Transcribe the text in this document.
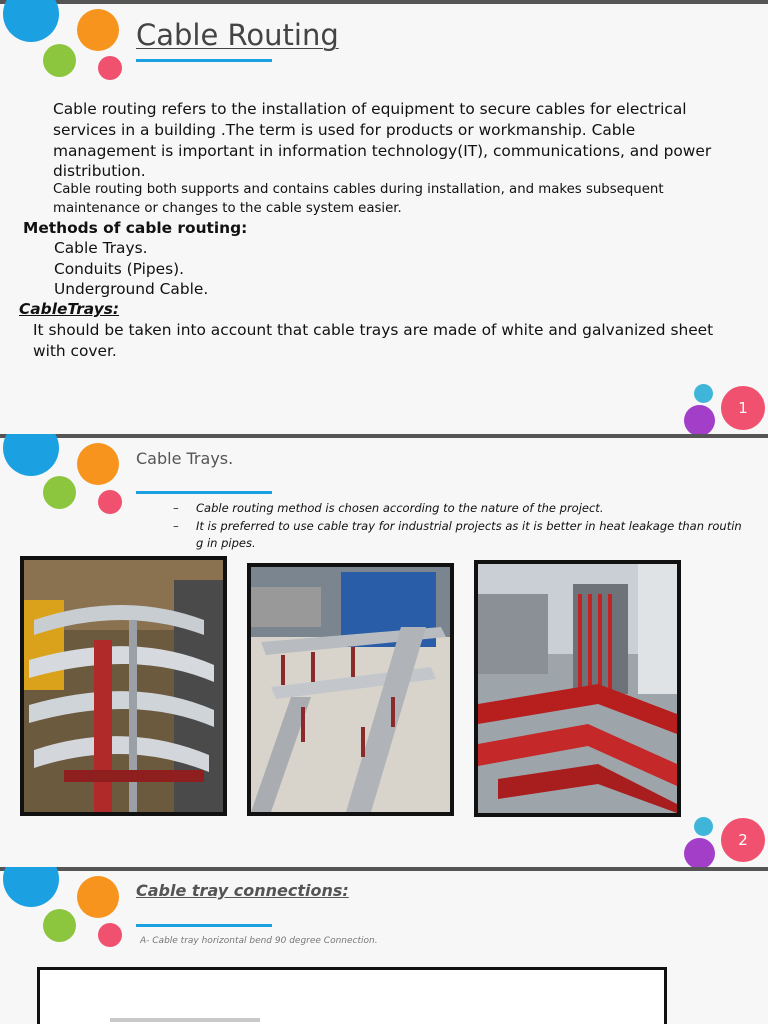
Cable Routing
Cable routing refers to the installation of equipment to secure cables for electrical
services in a building .The term is used for products or workmanship. Cable
management is important in information technology(IT), communications, and power
distribution.
Cable routing both supports and contains cables during installation, and makes subsequent
maintenance or changes to the cable system easier.
Methods of cable routing:
Cable Trays.
Conduits (Pipes).
Underground Cable.
CableTrays:
It should be taken into account that cable trays are made of white and galvanized sheet
with cover.
1
Cable Trays.
– Cable routing method is chosen according to the nature of the project.
– It is preferred to use cable tray for industrial projects as it is better in heat leakage than routin
g in pipes.
2
Cable tray connections:
A- Cable tray horizontal bend 90 degree Connection.
